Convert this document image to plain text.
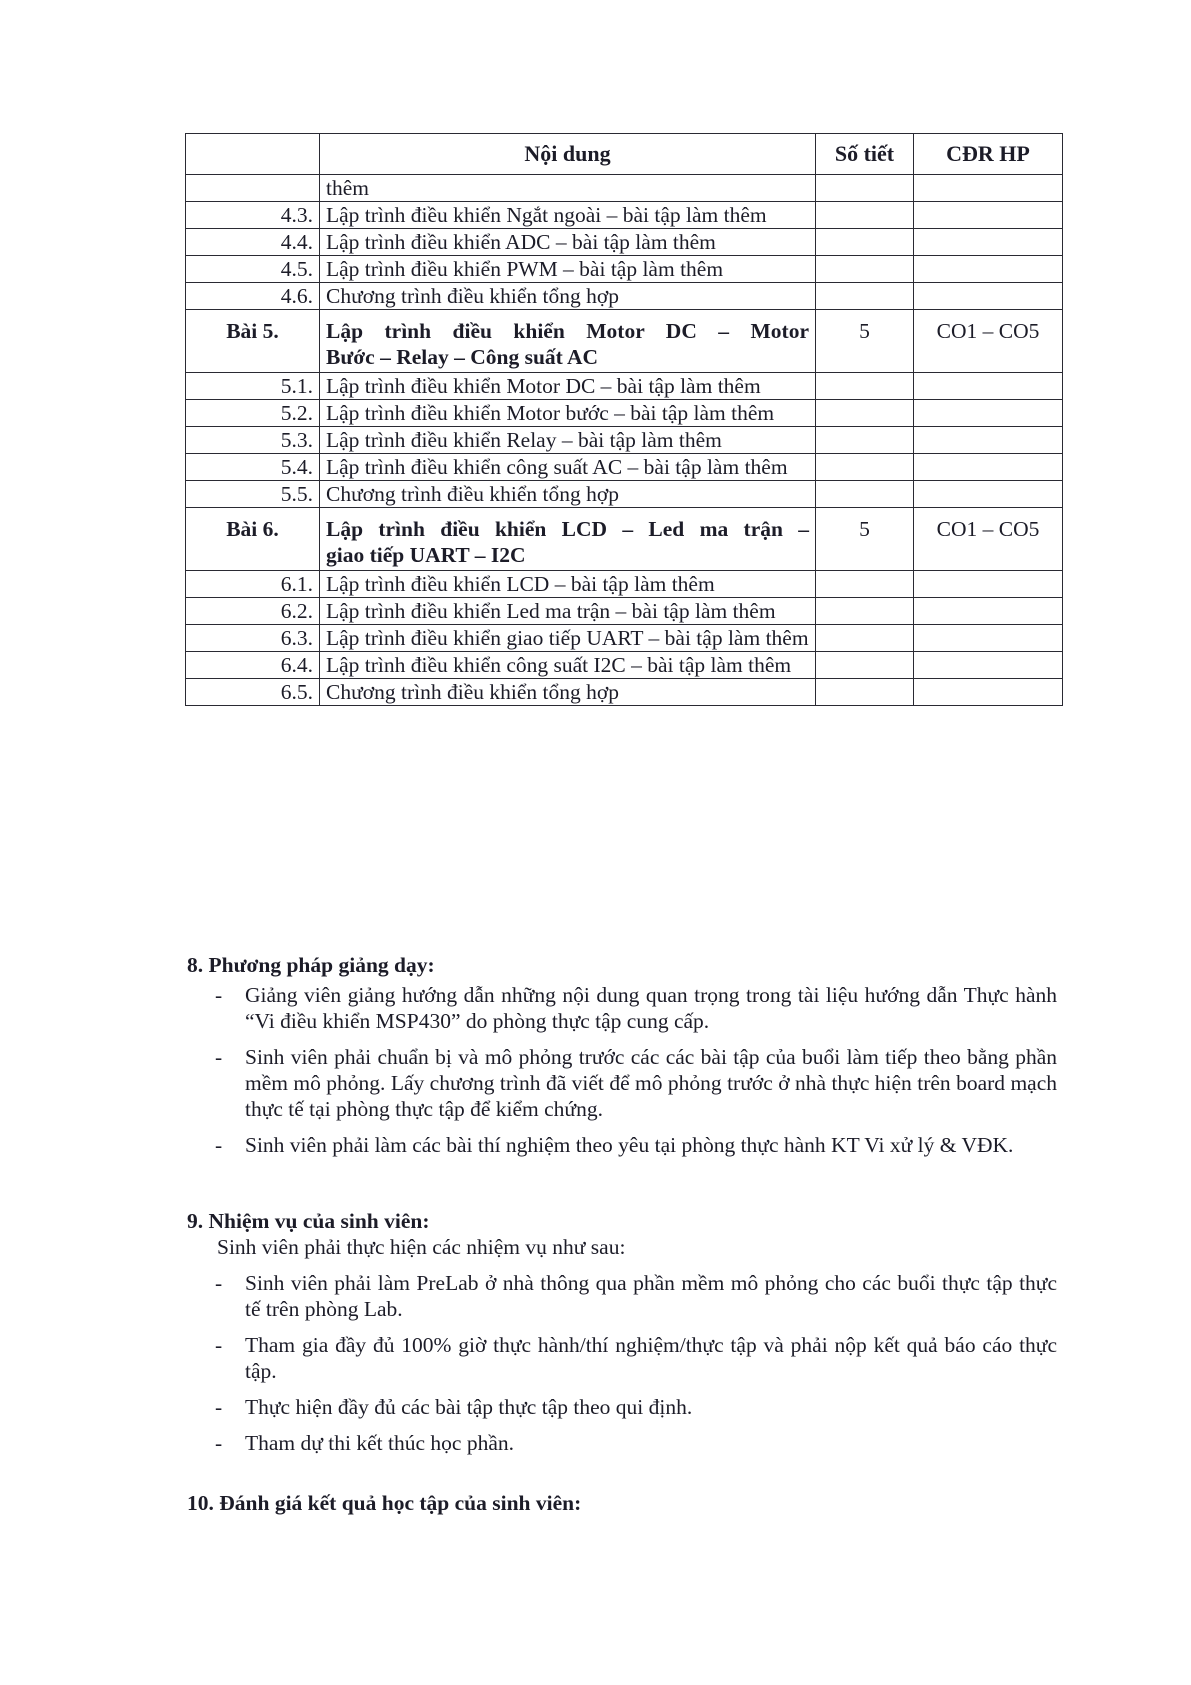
	Nội dung	Số tiết	CĐR HP
	thêm		
4.3.	Lập trình điều khiển Ngắt ngoài – bài tập làm thêm		
4.4.	Lập trình điều khiển ADC – bài tập làm thêm		
4.5.	Lập trình điều khiển PWM – bài tập làm thêm		
4.6.	Chương trình điều khiển tổng hợp		
Bài 5.	Lập trình điều khiển Motor DC – Motor
Bước – Relay – Công suất AC	5	CO1 – CO5
5.1.	Lập trình điều khiển Motor DC – bài tập làm thêm		
5.2.	Lập trình điều khiển Motor bước – bài tập làm thêm		
5.3.	Lập trình điều khiển Relay – bài tập làm thêm		
5.4.	Lập trình điều khiển công suất AC – bài tập làm thêm		
5.5.	Chương trình điều khiển tổng hợp		
Bài 6.	Lập trình điều khiển LCD – Led ma trận –
giao tiếp UART – I2C	5	CO1 – CO5
6.1.	Lập trình điều khiển LCD – bài tập làm thêm		
6.2.	Lập trình điều khiển Led ma trận – bài tập làm thêm		
6.3.	Lập trình điều khiển giao tiếp UART – bài tập làm thêm		
6.4.	Lập trình điều khiển công suất I2C – bài tập làm thêm		
6.5.	Chương trình điều khiển tổng hợp		
8. Phương pháp giảng dạy:
- Giảng viên giảng hướng dẫn những nội dung quan trọng trong tài liệu hướng dẫn Thực hành “Vi điều khiển MSP430” do phòng thực tập cung cấp.

- Sinh viên phải chuẩn bị và mô phỏng trước các các bài tập của buổi làm tiếp theo bằng phần mềm mô phỏng. Lấy chương trình đã viết để mô phỏng trước ở nhà thực hiện trên board mạch thực tế tại phòng thực tập để kiểm chứng.

- Sinh viên phải làm các bài thí nghiệm theo yêu tại phòng thực hành KT Vi xử lý & VĐK.

9. Nhiệm vụ của sinh viên:

Sinh viên phải thực hiện các nhiệm vụ như sau:

- Sinh viên phải làm PreLab ở nhà thông qua phần mềm mô phỏng cho các buổi thực tập thực tế trên phòng Lab.

- Tham gia đầy đủ 100% giờ thực hành/thí nghiệm/thực tập và phải nộp kết quả báo cáo thực tập.

- Thực hiện đầy đủ các bài tập thực tập theo qui định.

- Tham dự thi kết thúc học phần.

10. Đánh giá kết quả học tập của sinh viên:
